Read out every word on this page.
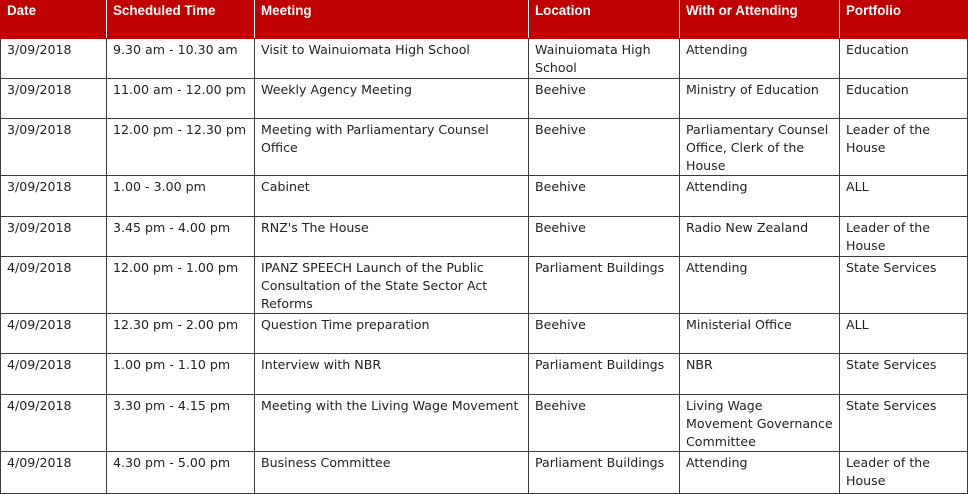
Date	Scheduled Time	Meeting	Location	With or Attending	Portfolio
3/09/2018	9.30 am - 10.30 am	Visit to Wainuiomata High School	Wainuiomata High School	Attending	Education
3/09/2018	11.00 am - 12.00 pm	Weekly Agency Meeting	Beehive	Ministry of Education	Education
3/09/2018	12.00 pm - 12.30 pm	Meeting with Parliamentary Counsel Office	Beehive	Parliamentary Counsel Office, Clerk of the House	Leader of the House
3/09/2018	1.00 - 3.00 pm	Cabinet	Beehive	Attending	ALL
3/09/2018	3.45 pm - 4.00 pm	RNZ's The House	Beehive	Radio New Zealand	Leader of the House
4/09/2018	12.00 pm - 1.00 pm	IPANZ SPEECH Launch of the Public Consultation of the State Sector Act Reforms	Parliament Buildings	Attending	State Services
4/09/2018	12.30 pm - 2.00 pm	Question Time preparation	Beehive	Ministerial Office	ALL
4/09/2018	1.00 pm - 1.10 pm	Interview with NBR	Parliament Buildings	NBR	State Services
4/09/2018	3.30 pm - 4.15 pm	Meeting with the Living Wage Movement	Beehive	Living Wage Movement Governance Committee	State Services
4/09/2018	4.30 pm - 5.00 pm	Business Committee	Parliament Buildings	Attending	Leader of the House
